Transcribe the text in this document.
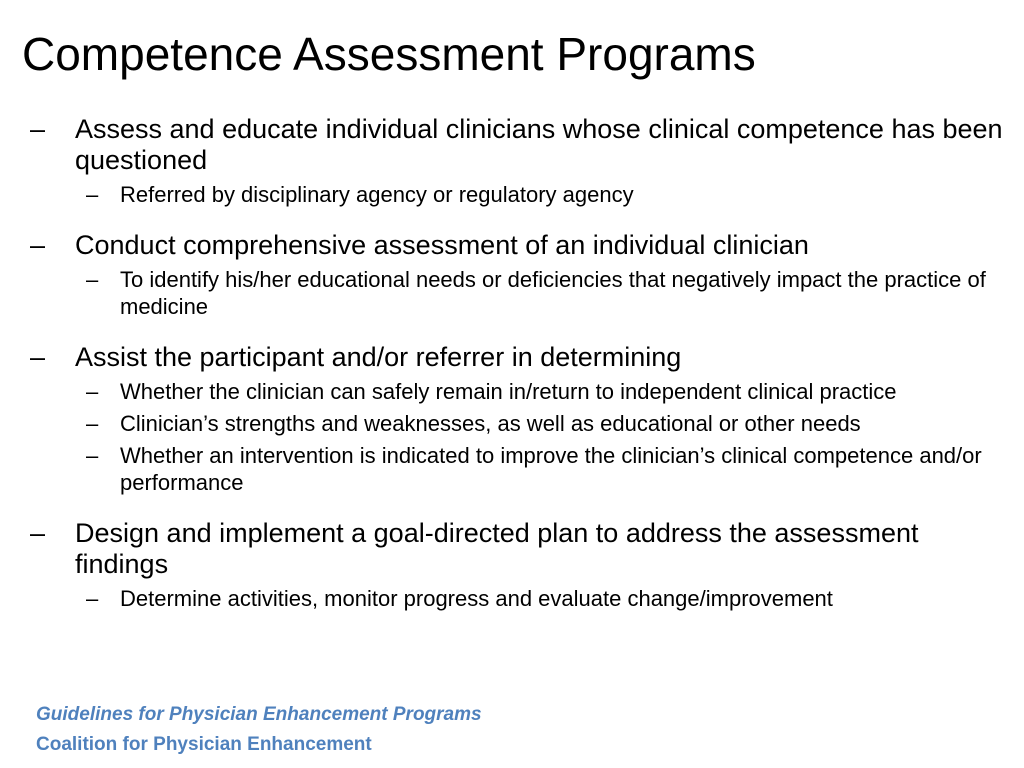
Competence Assessment Programs
–	Assess and educate individual clinicians whose clinical competence has been questioned
– Referred by disciplinary agency or regulatory agency
–	Conduct comprehensive assessment of an individual clinician
– To identify his/her educational needs or deficiencies that negatively impact the practice of medicine
–	Assist the participant and/or referrer in determining
– Whether the clinician can safely remain in/return to independent clinical practice
– Clinician’s strengths and weaknesses, as well as educational or other needs
– Whether an intervention is indicated to improve the clinician’s clinical competence and/or performance
–	Design and implement a goal-directed plan to address the assessment findings
– Determine activities, monitor progress and evaluate change/improvement
Guidelines for Physician Enhancement Programs
Coalition for Physician Enhancement
